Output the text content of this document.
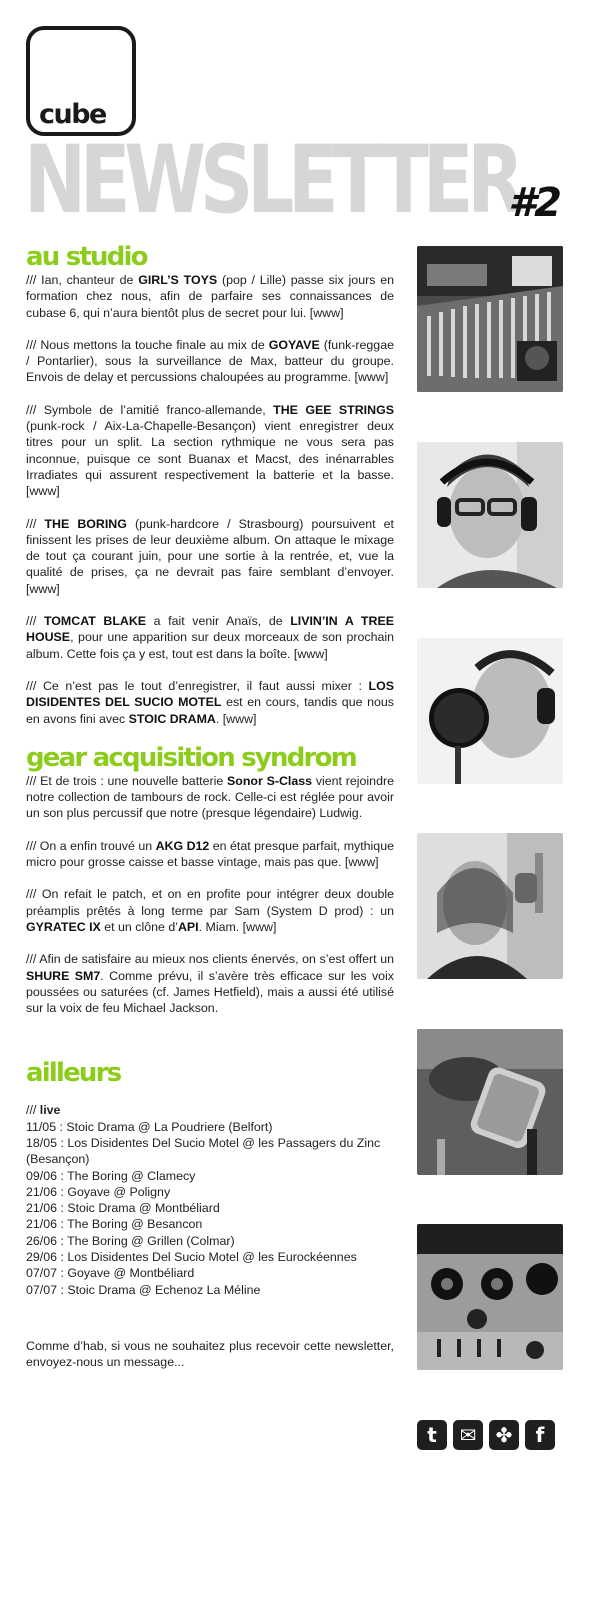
cube
NEWSLETTER
#2
au studio

/// Ian, chanteur de GIRL’S TOYS (pop / Lille) passe six jours en formation chez nous, afin de parfaire ses connaissances de cubase 6, qui n’aura bientôt plus de secret pour lui. [www]

/// Nous mettons la touche finale au mix de GOYAVE (funk-reggae / Pontarlier), sous la surveillance de Max, batteur du groupe. Envois de delay et percussions chaloupées au programme. [www]

/// Symbole de l’amitié franco-allemande, THE GEE STRINGS (punk-rock / Aix-La-Chapelle-Besançon) vient enregistrer deux titres pour un split. La section rythmique ne vous sera pas inconnue, puisque ce sont Buanax et Macst, des inénarrables Irradiates qui assurent respectivement la batterie et la basse. [www]

/// THE BORING (punk-hardcore / Strasbourg) poursuivent et finissent les prises de leur deuxième album. On attaque le mixage de tout ça courant juin, pour une sortie à la rentrée, et, vue la qualité de prises, ça ne devrait pas faire semblant d’envoyer. [www]

/// TOMCAT BLAKE a fait venir Anaïs, de LIVIN’IN A TREE HOUSE, pour une apparition sur deux morceaux de son prochain album. Cette fois ça y est, tout est dans la boîte. [www]

/// Ce n’est pas le tout d’enregistrer, il faut aussi mixer : LOS DISIDENTES DEL SUCIO MOTEL est en cours, tandis que nous en avons fini avec STOIC DRAMA. [www]

gear acquisition syndrom

/// Et de trois : une nouvelle batterie Sonor S-Class vient rejoindre notre collection de tambours de rock. Celle-ci est réglée pour avoir un son plus percussif que notre (presque légendaire) Ludwig.

/// On a enfin trouvé un AKG D12 en état presque parfait, mythique micro pour grosse caisse et basse vintage, mais pas que. [www]

/// On refait le patch, et on en profite pour intégrer deux double préamplis prêtés à long terme par Sam (System D prod) : un GYRATEC IX et un clône d’API. Miam. [www]

/// Afin de satisfaire au mieux nos clients énervés, on s’est offert un SHURE SM7. Comme prévu, il s’avère très efficace sur les voix poussées ou saturées (cf. James Hetfield), mais a aussi été utilisé sur la voix de feu Michael Jackson.

ailleurs
/// live
11/05 : Stoic Drama @ La Poudriere (Belfort)
18/05 : Los Disidentes Del Sucio Motel @ les Passagers du Zinc (Besançon)
09/06 : The Boring @ Clamecy
21/06 : Goyave @ Poligny
21/06 : Stoic Drama @ Montbéliard
21/06 : The Boring @ Besancon
26/06 : The Boring @ Grillen (Colmar)
29/06 : Los Disidentes Del Sucio Motel @ les Eurockéennes
07/07 : Goyave @ Montbéliard
07/07 : Stoic Drama @ Echenoz La Méline

Comme d’hab, si vous ne souhaitez plus recevoir cette newsletter, envoyez-nous un message...

t	✉ ✤	f
